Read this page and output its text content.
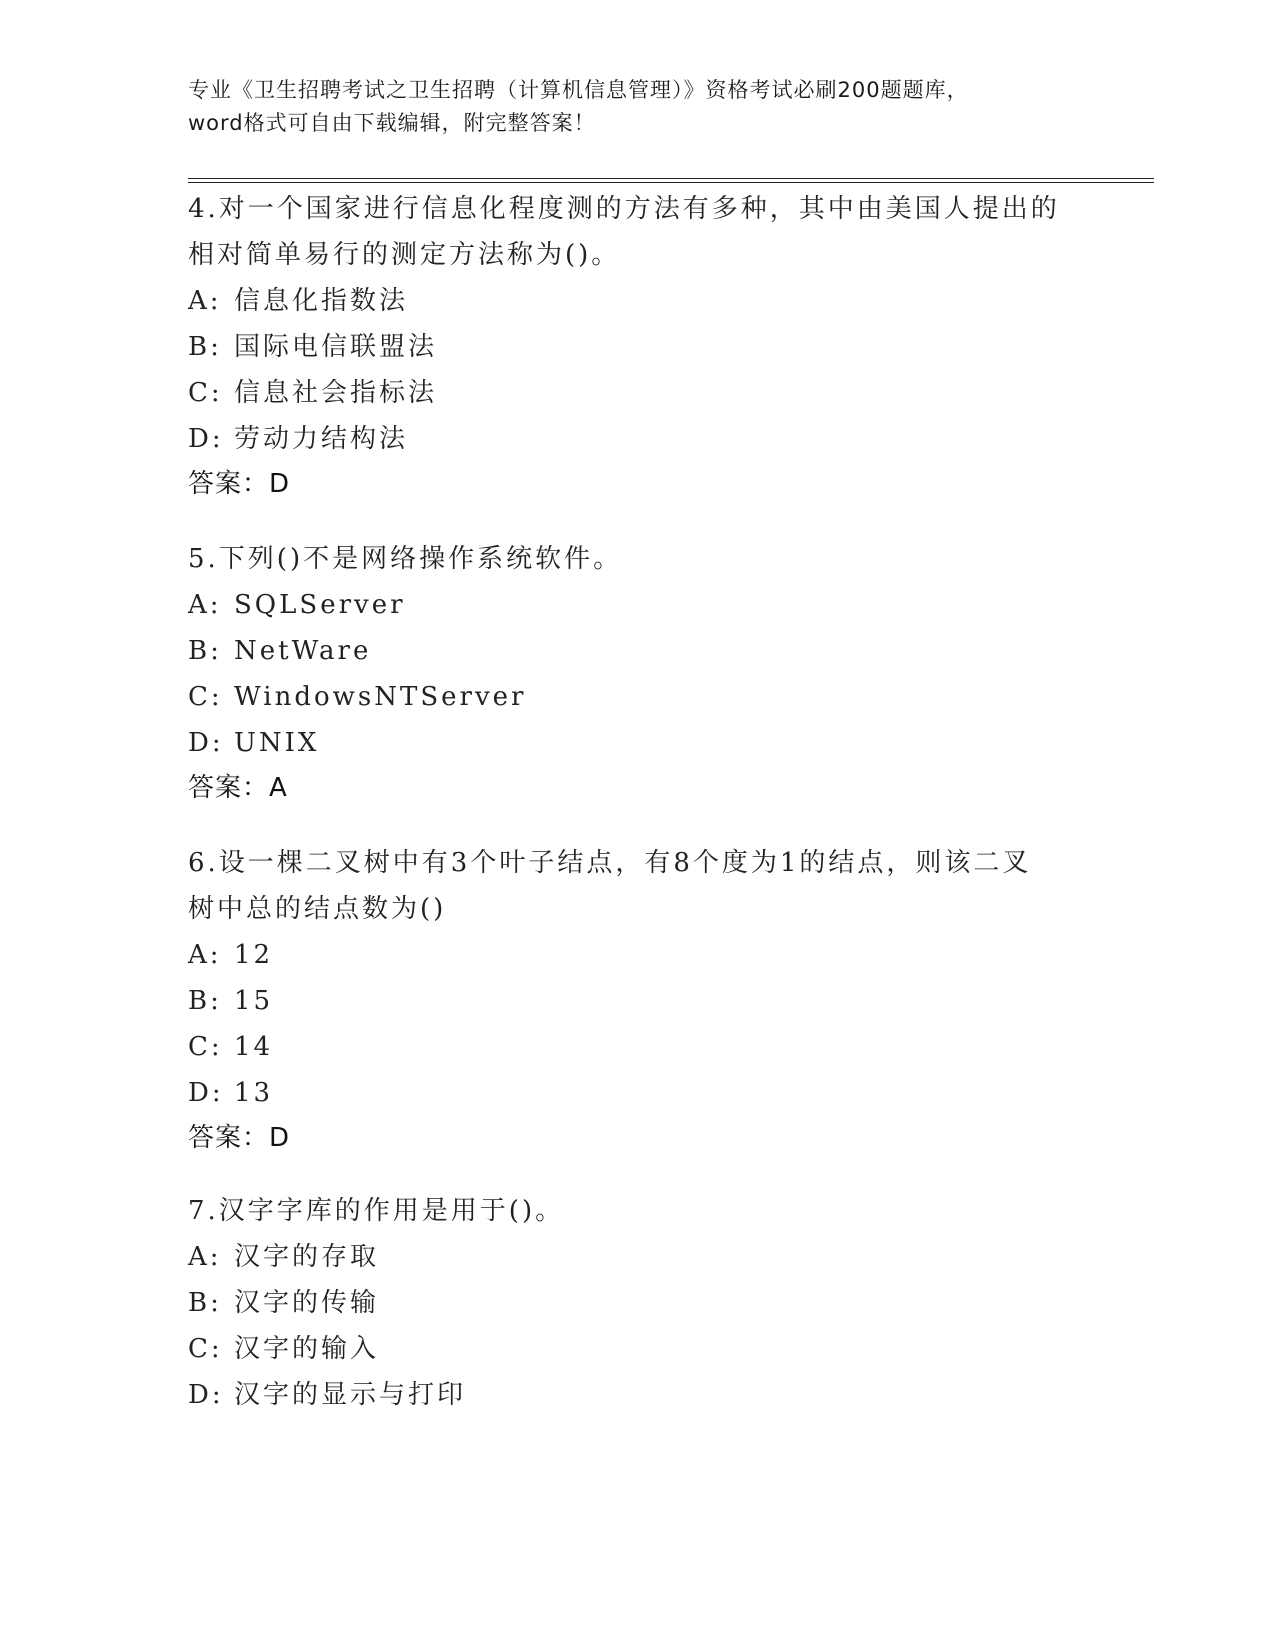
专业《卫生招聘考试之卫生招聘（计算机信息管理）》资格考试必刷200题题库，
word格式可自由下载编辑，附完整答案！
4.对一个国家进行信息化程度测的方法有多种，其中由美国人提出的
相对简单易行的测定方法称为()。
A: 信息化指数法
B: 国际电信联盟法
C: 信息社会指标法
D: 劳动力结构法
答案：D
5.下列()不是网络操作系统软件。
A: SQLServer
B: NetWare
C: WindowsNTServer
D: UNIX
答案：A
6.设一棵二叉树中有3个叶子结点，有8个度为1的结点，则该二叉
树中总的结点数为()
A: 12
B: 15
C: 14
D: 13
答案：D
7.汉字字库的作用是用于()。
A: 汉字的存取
B: 汉字的传输
C: 汉字的输入
D: 汉字的显示与打印
